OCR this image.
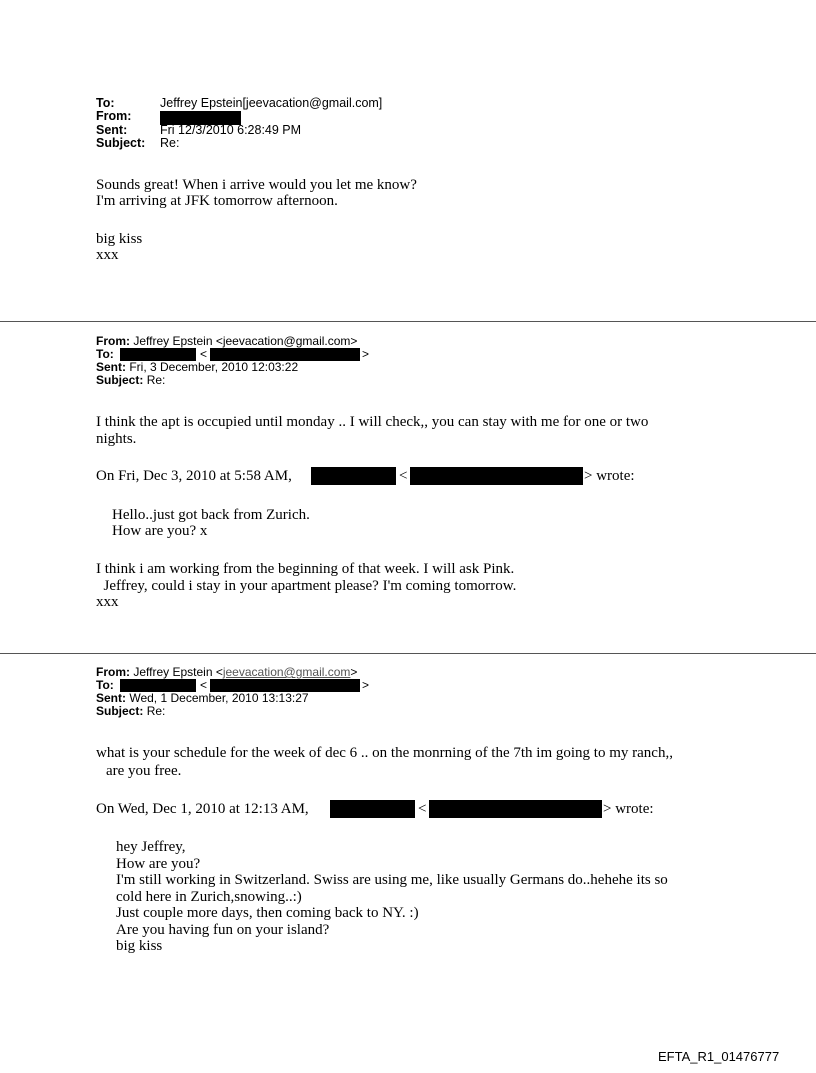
To:	Jeffrey Epstein[jeevacation@gmail.com]
From:
Sent:	Fri 12/3/2010 6:28:49 PM
Subject: Re:
Sounds great! When i arrive would you let me know?
I'm arriving at JFK tomorrow afternoon.
big kiss
xxx
From: Jeffrey Epstein <jeevacation@gmail.com>
To:	<	>
Sent: Fri, 3 December, 2010 12:03:22
Subject: Re:
I think the apt is occupied until monday .. I will check,, you can stay with me for one or two
nights.
On Fri, Dec 3, 2010 at 5:58 AM,	<	> wrote:
Hello..just got back from Zurich.
How are you? x
I think i am working from the beginning of that week. I will ask Pink.
Jeffrey, could i stay in your apartment please? I'm coming tomorrow.
xxx
From: Jeffrey Epstein <jeevacation@gmail.com>
To:	<	>
Sent: Wed, 1 December, 2010 13:13:27
Subject: Re:
what is your schedule for the week of dec 6 .. on the monrning of the 7th im going to my ranch,,
are you free.
On Wed, Dec 1, 2010 at 12:13 AM,	<	> wrote:
hey Jeffrey,
How are you?
I'm still working in Switzerland. Swiss are using me, like usually Germans do..hehehe its so
cold here in Zurich,snowing..:)
Just couple more days, then coming back to NY. :)
Are you having fun on your island?
big kiss
EFTA_R1_01476777
